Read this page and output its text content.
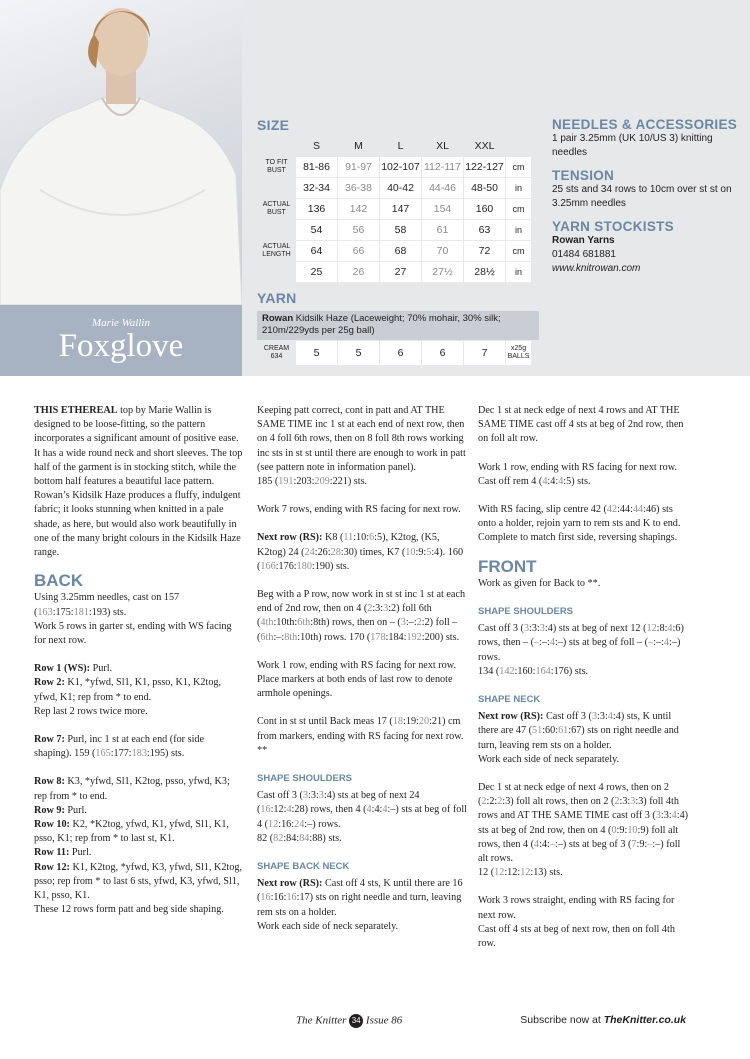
Marie Wallin
Foxglove
SIZE
	S	M	L	XL	XXL	
TO FIT BUST	81-86	91-97	102-107	112-117	122-127	cm
	32-34	36-38	40-42	44-46	48-50	in
ACTUAL BUST	136	142	147	154	160	cm
	54	56	58	61	63	in
ACTUAL LENGTH	64	66	68	70	72	cm
	25	26	27	27½	28½	in
YARN
Rowan Kidsilk Haze (Laceweight; 70% mohair, 30% silk; 210m/229yds per 25g ball)
CREAM 634	5	5	6	6	7	x25g BALLS
NEEDLES & ACCESSORIES
1 pair 3.25mm (UK 10/US 3) knitting needles
TENSION
25 sts and 34 rows to 10cm over st st on 3.25mm needles
YARN STOCKISTS
Rowan Yarns
01484 681881
www.knitrowan.com

THIS ETHEREAL top by Marie Wallin is designed to be loose-fitting, so the pattern incorporates a significant amount of positive ease. It has a wide round neck and short sleeves. The top half of the garment is in stocking stitch, while the bottom half features a beautiful lace pattern. Rowan’s Kidsilk Haze produces a fluffy, indulgent fabric; it looks stunning when knitted in a pale shade, as here, but would also work beautifully in one of the many bright colours in the Kidsilk Haze range.

BACK

Using 3.25mm needles, cast on 157 (163:175:181:193) sts.
Work 5 rows in garter st, ending with WS facing for next row.

Row 1 (WS): Purl.
Row 2: K1, *yfwd, Sl1, K1, psso, K1, K2tog, yfwd, K1; rep from * to end.
Rep last 2 rows twice more.

Row 7: Purl, inc 1 st at each end (for side shaping). 159 (165:177:183:195) sts.

Row 8: K3, *yfwd, Sl1, K2tog, psso, yfwd, K3; rep from * to end.
Row 9: Purl.
Row 10: K2, *K2tog, yfwd, K1, yfwd, Sl1, K1, psso, K1; rep from * to last st, K1.
Row 11: Purl.
Row 12: K1, K2tog, *yfwd, K3, yfwd, Sl1, K2tog, psso; rep from * to last 6 sts, yfwd, K3, yfwd, Sl1, K1, psso, K1.
These 12 rows form patt and beg side shaping.

Keeping patt correct, cont in patt and AT THE SAME TIME inc 1 st at each end of next row, then on 4 foll 6th rows, then on 8 foll 8th rows working inc sts in st st until there are enough to work in patt (see pattern note in information panel).
185 (191:203:209:221) sts.

Work 7 rows, ending with RS facing for next row.

Next row (RS): K8 (11:10:6:5), K2tog, (K5, K2tog) 24 (24:26:28:30) times, K7 (10:9:5:4). 160 (166:176:180:190) sts.

Beg with a P row, now work in st st inc 1 st at each end of 2nd row, then on 4 (2:3:3:2) foll 6th (4th:10th:6th:8th) rows, then on – (3:–:2:2) foll – (6th:–:8th:10th) rows. 170 (178:184:192:200) sts.

Work 1 row, ending with RS facing for next row. Place markers at both ends of last row to denote armhole openings.

Cont in st st until Back meas 17 (18:19:20:21) cm from markers, ending with RS facing for next row. **

SHAPE SHOULDERS

Cast off 3 (3:3:3:4) sts at beg of next 24 (16:12:4:28) rows, then 4 (4:4:4:–) sts at beg of foll 4 (12:16:24:–) rows.
82 (82:84:84:88) sts.

SHAPE BACK NECK

Next row (RS): Cast off 4 sts, K until there are 16 (16:16:16:17) sts on right needle and turn, leaving rem sts on a holder.
Work each side of neck separately.

Dec 1 st at neck edge of next 4 rows and AT THE SAME TIME cast off 4 sts at beg of 2nd row, then on foll alt row.

Work 1 row, ending with RS facing for next row. Cast off rem 4 (4:4:4:5) sts.

With RS facing, slip centre 42 (42:44:44:46) sts onto a holder, rejoin yarn to rem sts and K to end. Complete to match first side, reversing shapings.

FRONT

Work as given for Back to **.

SHAPE SHOULDERS

Cast off 3 (3:3:3:4) sts at beg of next 12 (12:8:4:6) rows, then – (–:–:4:–) sts at beg of foll – (–:–:4:–) rows.
134 (142:160:164:176) sts.

SHAPE NECK

Next row (RS): Cast off 3 (3:3:4:4) sts, K until there are 47 (51:60:61:67) sts on right needle and turn, leaving rem sts on a holder.
Work each side of neck separately.

Dec 1 st at neck edge of next 4 rows, then on 2 (2:2:2:3) foll alt rows, then on 2 (2:3:3:3) foll 4th rows and AT THE SAME TIME cast off 3 (3:3:4:4) sts at beg of 2nd row, then on 4 (0:9:10:9) foll alt rows, then 4 (4:4:–:–) sts at beg of 3 (7:9:–:–) foll alt rows.
12 (12:12:12:13) sts.

Work 3 rows straight, ending with RS facing for next row.
Cast off 4 sts at beg of next row, then on foll 4th row.

The Knitter 34 Issue 86	Subscribe now at TheKnitter.co.uk
